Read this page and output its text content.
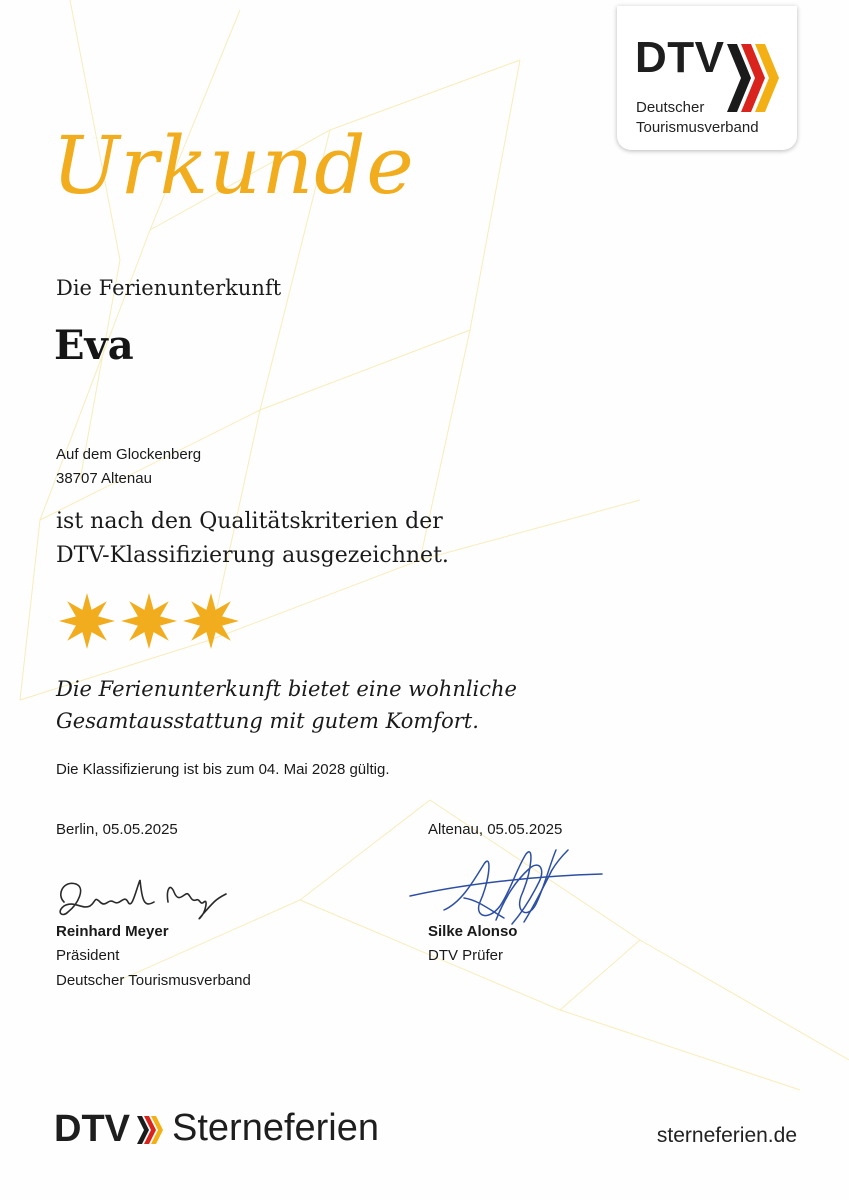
DTV
Deutscher
Tourismusverband
Urkunde
Die Ferienunterkunft
Eva
Auf dem Glockenberg
38707 Altenau
ist nach den Qualitätskriterien der
DTV-Klassifizierung ausgezeichnet.
Die Ferienunterkunft bietet eine wohnliche
Gesamtausstattung mit gutem Komfort.
Die Klassifizierung ist bis zum 04. Mai 2028 gültig.
Berlin, 05.05.2025	Altenau, 05.05.2025
Reinhard Meyer
Präsident
Deutscher Tourismusverband
Silke Alonso
DTV Prüfer
DTV Sterneferien	sterneferien.de
